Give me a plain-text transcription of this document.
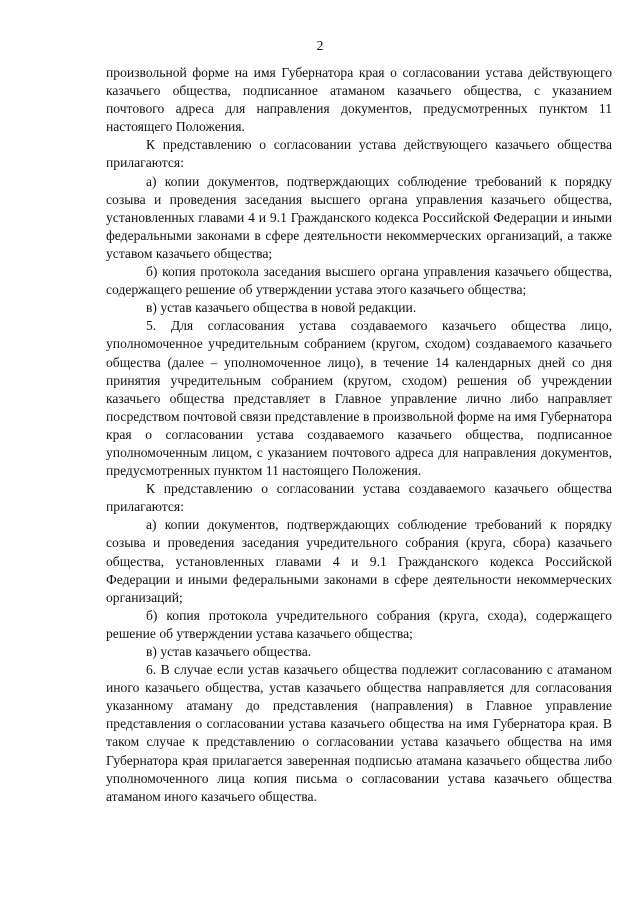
2

произвольной форме на имя Губернатора края о согласовании устава действующего казачьего общества, подписанное атаманом казачьего общества, с указанием почтового адреса для направления документов, предусмотренных пунктом 11 настоящего Положения.

К представлению о согласовании устава действующего казачьего общества прилагаются:

а) копии документов, подтверждающих соблюдение требований к порядку созыва и проведения заседания высшего органа управления казачьего общества, установленных главами 4 и 9.1 Гражданского кодекса Российской Федерации и иными федеральными законами в сфере деятельности некоммерческих организаций, а также уставом казачьего общества;

б) копия протокола заседания высшего органа управления казачьего общества, содержащего решение об утверждении устава этого казачьего общества;

в) устав казачьего общества в новой редакции.

5. Для согласования устава создаваемого казачьего общества лицо, уполномоченное учредительным собранием (кругом, сходом) создаваемого казачьего общества (далее – уполномоченное лицо), в течение 14 календарных дней со дня принятия учредительным собранием (кругом, сходом) решения об учреждении казачьего общества представляет в Главное управление лично либо направляет посредством почтовой связи представление в произвольной форме на имя Губернатора края о согласовании устава создаваемого казачьего общества, подписанное уполномоченным лицом, с указанием почтового адреса для направления документов, предусмотренных пунктом 11 настоящего Положения.

К представлению о согласовании устава создаваемого казачьего общества прилагаются:

а) копии документов, подтверждающих соблюдение требований к порядку созыва и проведения заседания учредительного собрания (круга, сбора) казачьего общества, установленных главами 4 и 9.1 Гражданского кодекса Российской Федерации и иными федеральными законами в сфере деятельности некоммерческих организаций;

б) копия протокола учредительного собрания (круга, схода), содержащего решение об утверждении устава казачьего общества;

в) устав казачьего общества.

6. В случае если устав казачьего общества подлежит согласованию с атаманом иного казачьего общества, устав казачьего общества направляется для согласования указанному атаману до представления (направления) в Главное управление представления о согласовании устава казачьего общества на имя Губернатора края. В таком случае к представлению о согласовании устава казачьего общества на имя Губернатора края прилагается заверенная подписью атамана казачьего общества либо уполномоченного лица копия письма о согласовании устава казачьего общества атаманом иного казачьего общества.
